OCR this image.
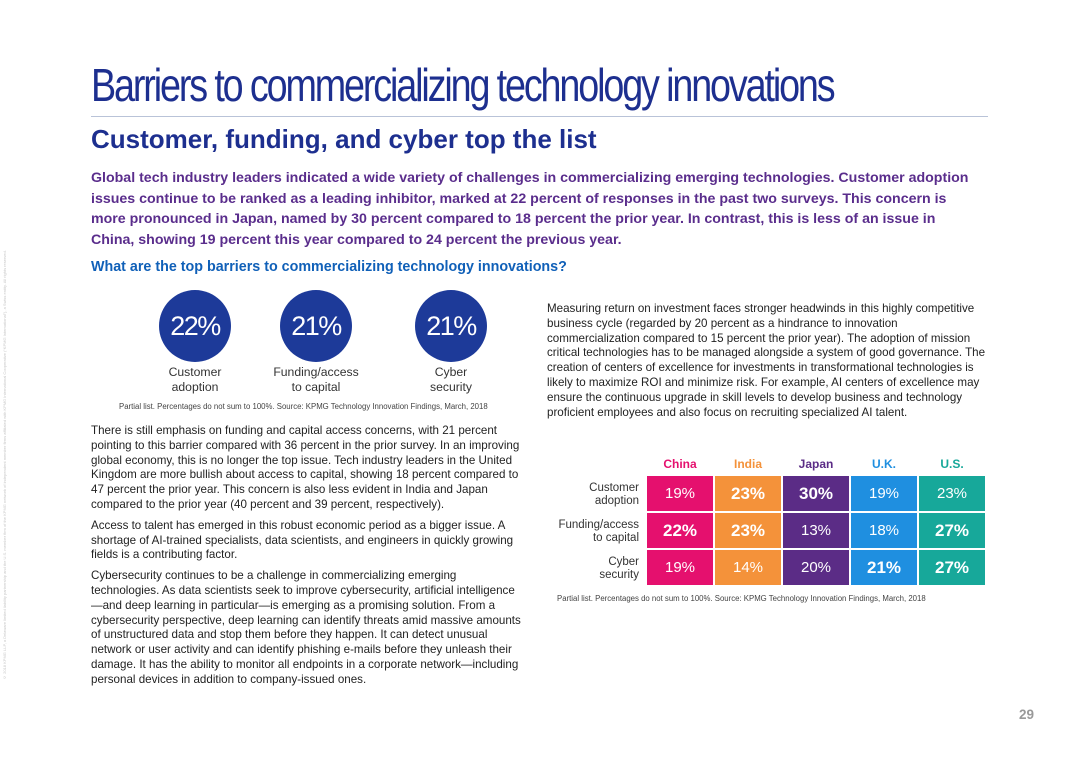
© 2018 KPMG LLP, a Delaware limited liability partnership and the U.S. member firm of the KPMG network of independent member firms affiliated with KPMG International Cooperative (“KPMG International”), a Swiss entity. All rights reserved.
Barriers to commercializing technology innovations
Customer, funding, and cyber top the list

Global tech industry leaders indicated a wide variety of challenges in commercializing emerging technologies. Customer adoption issues continue to be ranked as a leading inhibitor, marked at 22 percent of responses in the past two surveys. This concern is more pronounced in Japan, named by 30 percent compared to 18 percent the prior year. In contrast, this is less of an issue in China, showing 19 percent this year compared to 24 percent the previous year.

What are the top barriers to commercializing technology innovations?
22%
Customer
adoption
21%
Funding/access
to capital
21%
Cyber
security
Partial list. Percentages do not sum to 100%. Source: KPMG Technology Innovation Findings, March, 2018

There is still emphasis on funding and capital access concerns, with 21 percent pointing to this barrier compared with 36 percent in the prior survey. In an improving global economy, this is no longer the top issue. Tech industry leaders in the United Kingdom are more bullish about access to capital, showing 18 percent compared to 47 percent the prior year. This concern is also less evident in India and Japan compared to the prior year (40 percent and 39 percent, respectively).

Access to talent has emerged in this robust economic period as a bigger issue. A shortage of AI-trained specialists, data scientists, and engineers in quickly growing fields is a contributing factor.

Cybersecurity continues to be a challenge in commercializing emerging technologies. As data scientists seek to improve cybersecurity, artificial intelligence—and deep learning in particular—is emerging as a promising solution. From a cybersecurity perspective, deep learning can identify threats amid massive amounts of unstructured data and stop them before they happen. It can detect unusual network or user activity and can identify phishing e-mails before they unleash their damage. It has the ability to monitor all endpoints in a corporate network—including personal devices in addition to company-issued ones.

Measuring return on investment faces stronger headwinds in this highly competitive business cycle (regarded by 20 percent as a hindrance to innovation commercialization compared to 15 percent the prior year). The adoption of mission critical technologies has to be managed alongside a system of good governance. The creation of centers of excellence for investments in transformational technologies is likely to maximize ROI and minimize risk. For example, AI centers of excellence may ensure the continuous upgrade in skill levels to develop business and technology proficient employees and also focus on recruiting specialized AI talent.

	China	India	Japan	U.K.	U.S.

Customer
adoption	19%	23%	30%	19%	23%

Funding/access
to capital	22%	23%	13%	18%	27%

Cyber
security	19%	14%	20%	21%	27%
Partial list. Percentages do not sum to 100%. Source: KPMG Technology Innovation Findings, March, 2018
29
